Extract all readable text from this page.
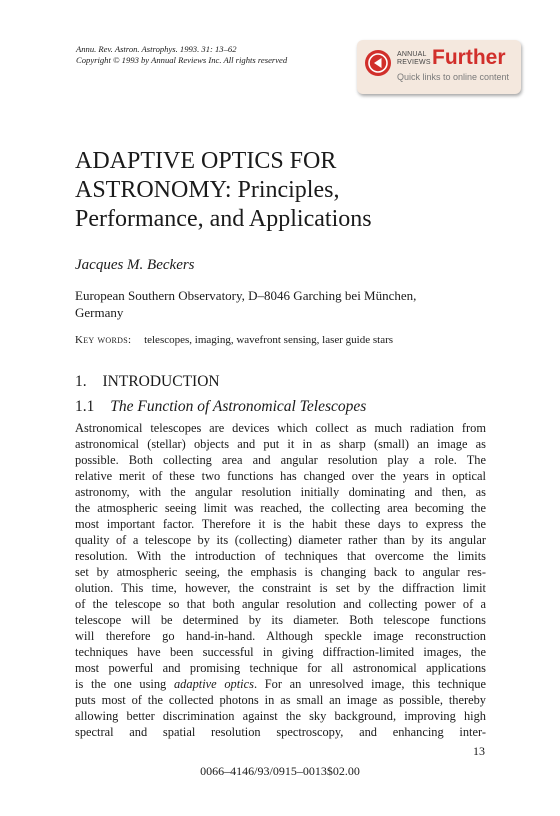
Annu. Rev. Astron. Astrophys. 1993. 31: 13–62
Copyright © 1993 by Annual Reviews Inc. All rights reserved
ANNUAL
REVIEWS Further
Quick links to online content
ADAPTIVE OPTICS FOR
ASTRONOMY: Principles,
Performance, and Applications
Jacques M. Beckers
European Southern Observatory, D–8046 Garching bei München,
Germany
Key words: telescopes, imaging, wavefront sensing, laser guide stars
1. INTRODUCTION
1.1 The Function of Astronomical Telescopes
Astronomical telescopes are devices which collect as much radiation from
astronomical (stellar) objects and put it in as sharp (small) an image as
possible. Both collecting area and angular resolution play a role. The
relative merit of these two functions has changed over the years in optical
astronomy, with the angular resolution initially dominating and then, as
the atmospheric seeing limit was reached, the collecting area becoming the
most important factor. Therefore it is the habit these days to express the
quality of a telescope by its (collecting) diameter rather than by its angular
resolution. With the introduction of techniques that overcome the limits
set by atmospheric seeing, the emphasis is changing back to angular res-
olution. This time, however, the constraint is set by the diffraction limit
of the telescope so that both angular resolution and collecting power of a
telescope will be determined by its diameter. Both telescope functions
will therefore go hand-in-hand. Although speckle image reconstruction
techniques have been successful in giving diffraction-limited images, the
most powerful and promising technique for all astronomical applications
is the one using adaptive optics. For an unresolved image, this technique
puts most of the collected photons in as small an image as possible, thereby
allowing better discrimination against the sky background, improving high
spectral and spatial resolution spectroscopy, and enhancing inter-
13
0066–4146/93/0915–0013$02.00
